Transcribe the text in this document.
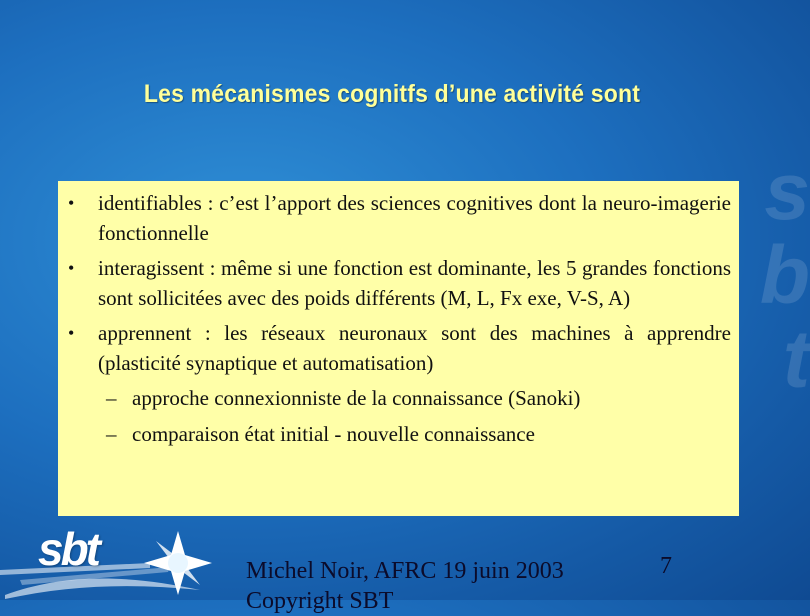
s
b
t
Les mécanismes cognitfs d’une activité sont
• identifiables : c’est l’apport des sciences cognitives dont la neuro-imagerie fonctionnelle
• interagissent : même si une fonction est dominante, les 5 grandes fonctions sont sollicitées avec des poids différents (M, L, Fx exe, V-S, A)
• apprennent : les réseaux neuronaux sont des machines à apprendre (plasticité synaptique et automatisation)
– approche connexionniste de la connaissance (Sanoki)
– comparaison état initial - nouvelle connaissance
sbt	Michel Noir, AFRC 19 juin 2003
Copyright SBT
7
